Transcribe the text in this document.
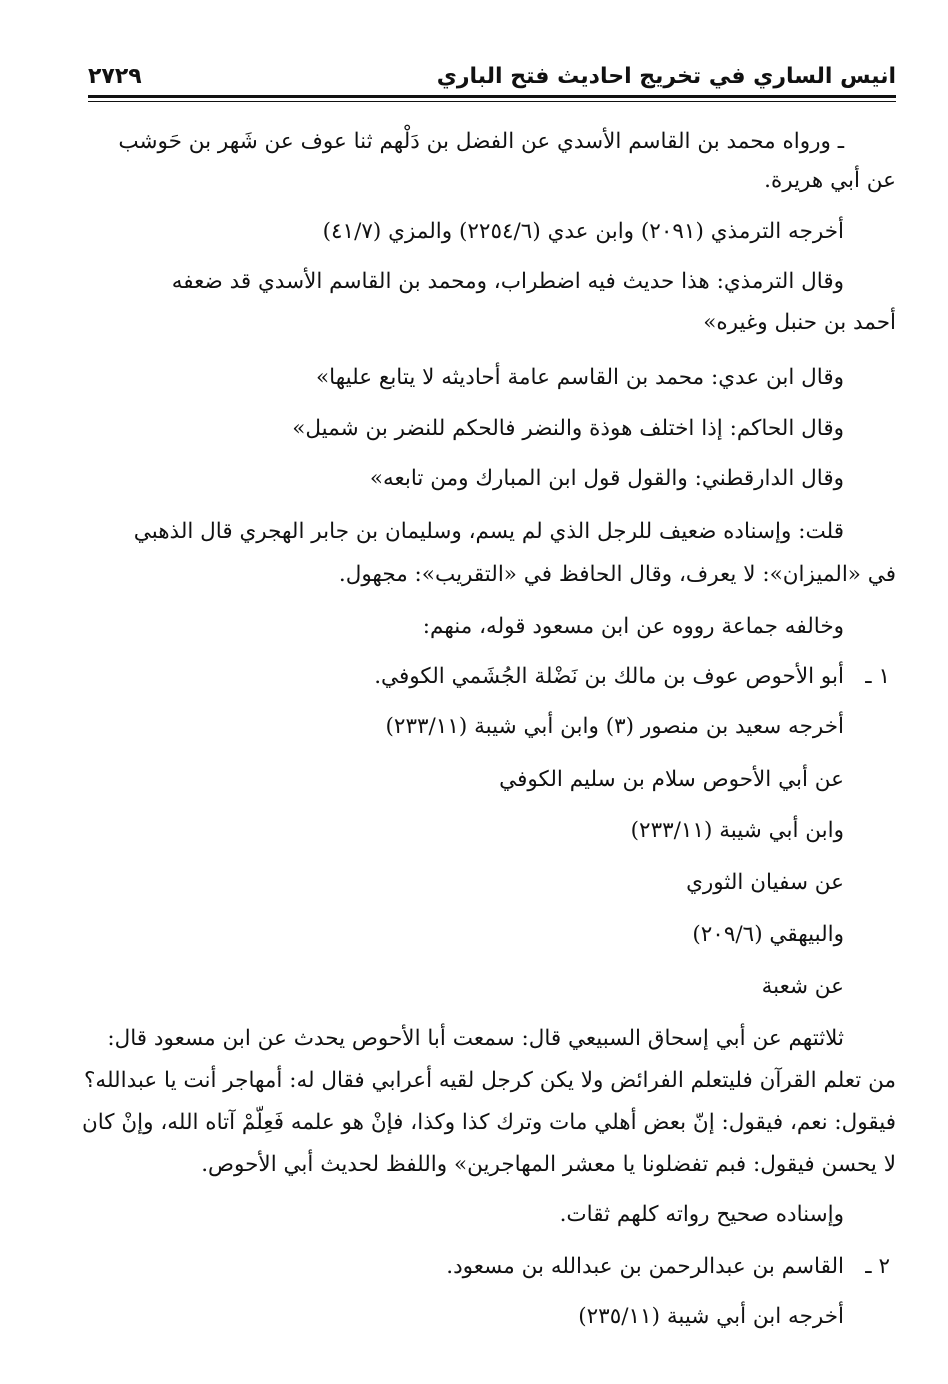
انيس الساري في تخريج احاديث فتح الباري
٢٧٢٩
ـ ورواه محمد بن القاسم الأسدي عن الفضل بن دَلْهم ثنا عوف عن شَهر بن حَوشب
عن أبي هريرة.
أخرجه الترمذي (٢٠٩١) وابن عدي (٢٢٥٤/٦) والمزي (٤١/٧)
وقال الترمذي: هذا حديث فيه اضطراب، ومحمد بن القاسم الأسدي قد ضعفه
أحمد بن حنبل وغيره»
وقال ابن عدي: محمد بن القاسم عامة أحاديثه لا يتابع عليها»
وقال الحاكم: إذا اختلف هوذة والنضر فالحكم للنضر بن شميل»
وقال الدارقطني: والقول قول ابن المبارك ومن تابعه»
قلت: وإسناده ضعيف للرجل الذي لم يسم، وسليمان بن جابر الهجري قال الذهبي
في «الميزان»: لا يعرف، وقال الحافظ في «التقريب»: مجهول.
وخالفه جماعة رووه عن ابن مسعود قوله، منهم:
١ ـ
أبو الأحوص عوف بن مالك بن نَضْلة الجُشَمي الكوفي.
أخرجه سعيد بن منصور (٣) وابن أبي شيبة (٢٣٣/١١)
عن أبي الأحوص سلام بن سليم الكوفي
وابن أبي شيبة (٢٣٣/١١)
عن سفيان الثوري
والبيهقي (٢٠٩/٦)
عن شعبة
ثلاثتهم عن أبي إسحاق السبيعي قال: سمعت أبا الأحوص يحدث عن ابن مسعود قال:
من تعلم القرآن فليتعلم الفرائض ولا يكن كرجل لقيه أعرابي فقال له: أمهاجر أنت يا عبدالله؟
فيقول: نعم، فيقول: إنّ بعض أهلي مات وترك كذا وكذا، فإنْ هو علمه فَعِلّمْ آتاه الله، وإنْ كان
لا يحسن فيقول: فبم تفضلونا يا معشر المهاجرين» واللفظ لحديث أبي الأحوص.
وإسناده صحيح رواته كلهم ثقات.
٢ ـ
القاسم بن عبدالرحمن بن عبدالله بن مسعود.
أخرجه ابن أبي شيبة (٢٣٥/١١)
